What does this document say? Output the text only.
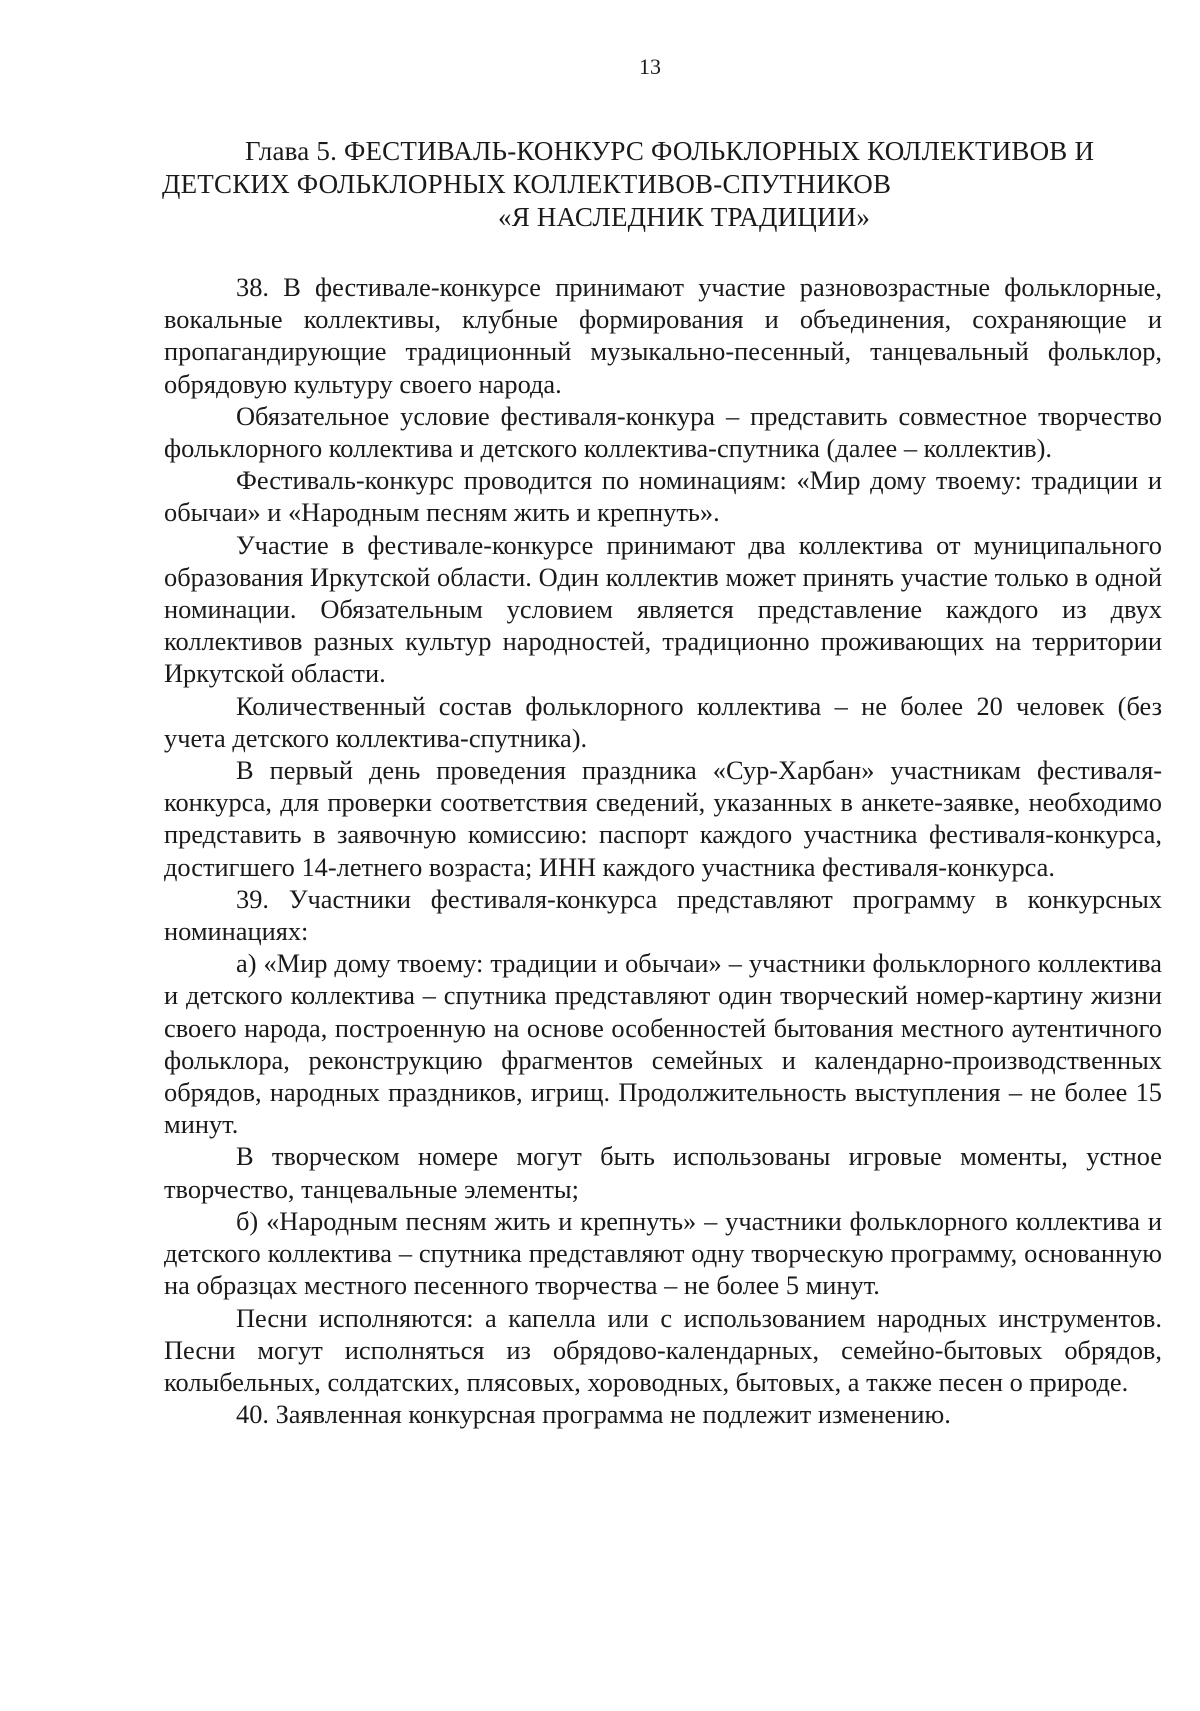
13
Глава 5. ФЕСТИВАЛЬ-КОНКУРС ФОЛЬКЛОРНЫХ КОЛЛЕКТИВОВ И
ДЕТСКИХ ФОЛЬКЛОРНЫХ КОЛЛЕКТИВОВ-СПУТНИКОВ
«Я НАСЛЕДНИК ТРАДИЦИИ»

38. В фестивале-конкурсе принимают участие разновозрастные фольклорные, вокальные коллективы, клубные формирования и объединения, сохраняющие и пропагандирующие традиционный музыкально-песенный, танцевальный фольклор, обрядовую культуру своего народа.

Обязательное условие фестиваля-конкура – представить совместное творчество фольклорного коллектива и детского коллектива-спутника (далее – коллектив).

Фестиваль-конкурс проводится по номинациям: «Мир дому твоему: традиции и обычаи» и «Народным песням жить и крепнуть».

Участие в фестивале-конкурсе принимают два коллектива от муниципального образования Иркутской области. Один коллектив может принять участие только в одной номинации. Обязательным условием является представление каждого из двух коллективов разных культур народностей, традиционно проживающих на территории Иркутской области.

Количественный состав фольклорного коллектива – не более 20 человек (без учета детского коллектива-спутника).

В первый день проведения праздника «Сур-Харбан» участникам фестиваля-конкурса, для проверки соответствия сведений, указанных в анкете-заявке, необходимо представить в заявочную комиссию: паспорт каждого участника фестиваля-конкурса, достигшего 14-летнего возраста; ИНН каждого участника фестиваля-конкурса.

39. Участники фестиваля-конкурса представляют программу в конкурсных номинациях:

а) «Мир дому твоему: традиции и обычаи» – участники фольклорного коллектива и детского коллектива – спутника представляют один творческий номер-картину жизни своего народа, построенную на основе особенностей бытования местного аутентичного фольклора, реконструкцию фрагментов семейных и календарно-производственных обрядов, народных праздников, игрищ. Продолжительность выступления – не более 15 минут.

В творческом номере могут быть использованы игровые моменты, устное творчество, танцевальные элементы;

б) «Народным песням жить и крепнуть» – участники фольклорного коллектива и детского коллектива – спутника представляют одну творческую программу, основанную на образцах местного песенного творчества – не более 5 минут.

Песни исполняются: а капелла или с использованием народных инструментов. Песни могут исполняться из обрядово-календарных, семейно-бытовых обрядов, колыбельных, солдатских, плясовых, хороводных, бытовых, а также песен о природе.

40. Заявленная конкурсная программа не подлежит изменению.
